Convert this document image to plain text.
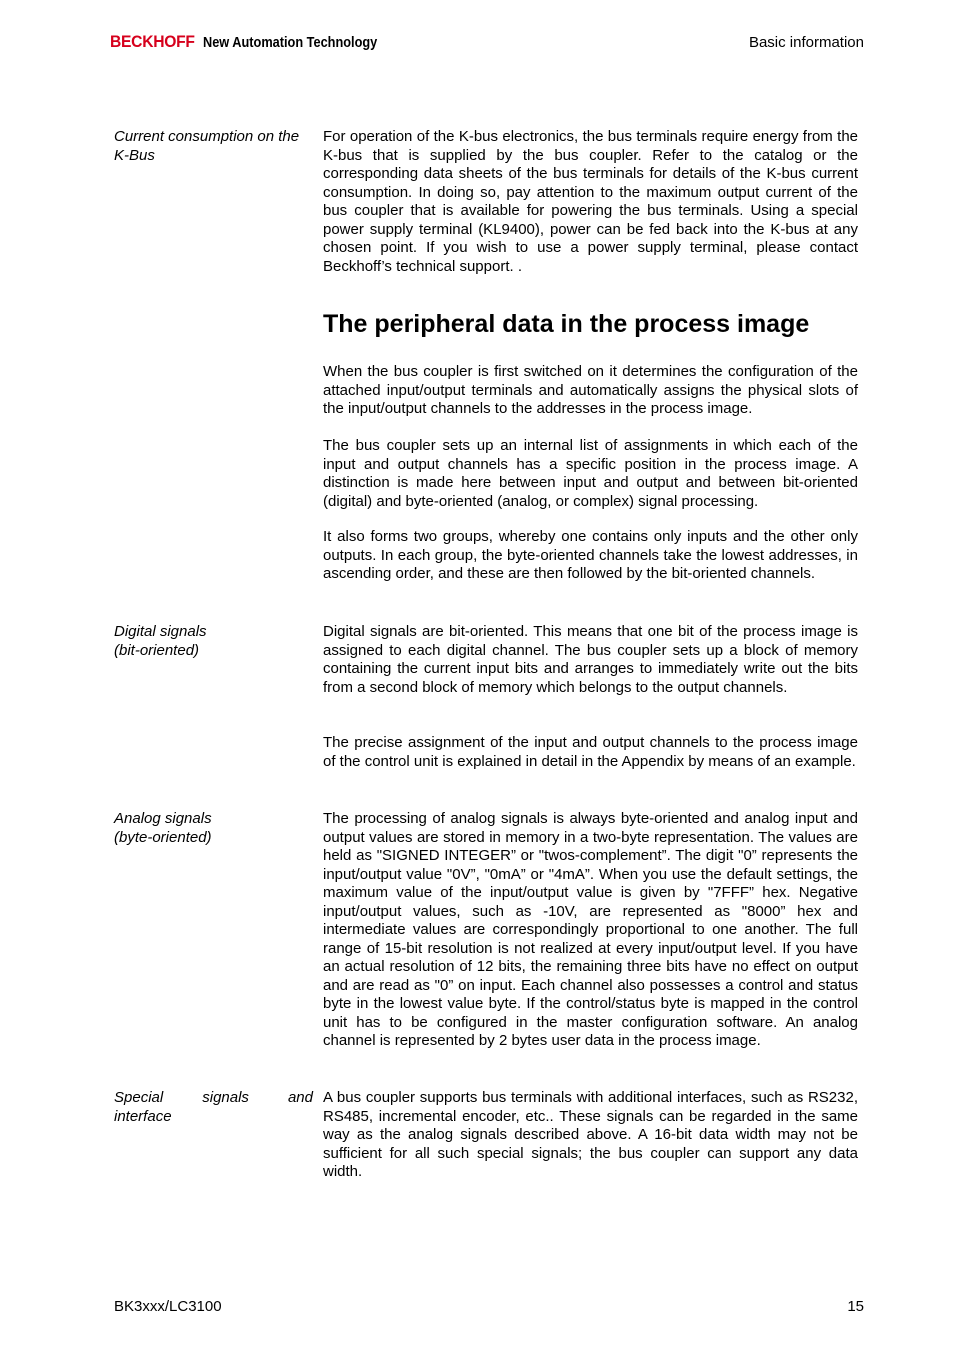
BECKHOFF New Automation Technology	Basic information
Current consumption on the K-Bus
For operation of the K-bus electronics, the bus terminals require energy from the K-bus that is supplied by the bus coupler. Refer to the catalog or the corresponding data sheets of the bus terminals for details of the K-bus current consumption. In doing so, pay attention to the maximum output current of the bus coupler that is available for powering the bus terminals. Using a special power supply terminal (KL9400), power can be fed back into the K-bus at any chosen point. If you wish to use a power supply terminal, please contact Beckhoff’s technical support. .
The peripheral data in the process image
When the bus coupler is first switched on it determines the configuration of the attached input/output terminals and automatically assigns the physical slots of the input/output channels to the addresses in the process image.
The bus coupler sets up an internal list of assignments in which each of the input and output channels has a specific position in the process image. A distinction is made here between input and output and between bit-oriented (digital) and byte-oriented (analog, or complex) signal processing.
It also forms two groups, whereby one contains only inputs and the other only outputs. In each group, the byte-oriented channels take the lowest addresses, in ascending order, and these are then followed by the bit-oriented channels.
Digital signals
(bit-oriented)
Digital signals are bit-oriented. This means that one bit of the process image is assigned to each digital channel. The bus coupler sets up a block of memory containing the current input bits and arranges to immediately write out the bits from a second block of memory which belongs to the output channels.
The precise assignment of the input and output channels to the process image of the control unit is explained in detail in the Appendix by means of an example.
Analog signals
(byte-oriented)
The processing of analog signals is always byte-oriented and analog input and output values are stored in memory in a two-byte representation. The values are held as "SIGNED INTEGER” or "twos-complement”. The digit "0” represents the input/output value "0V”, "0mA” or "4mA”. When you use the default settings, the maximum value of the input/output value is given by "7FFF” hex. Negative input/output values, such as -10V, are represented as "8000” hex and intermediate values are correspondingly proportional to one another. The full range of 15-bit resolution is not realized at every input/output level. If you have an actual resolution of 12 bits, the remaining three bits have no effect on output and are read as "0” on input. Each channel also possesses a control and status byte in the lowest value byte. If the control/status byte is mapped in the control unit has to be configured in the master configuration software. An analog channel is represented by 2 bytes user data in the process image.
Special signals and
interface
A bus coupler supports bus terminals with additional interfaces, such as RS232, RS485, incremental encoder, etc.. These signals can be regarded in the same way as the analog signals described above. A 16-bit data width may not be sufficient for all such special signals; the bus coupler can support any data width.
BK3xxx/LC3100	15
